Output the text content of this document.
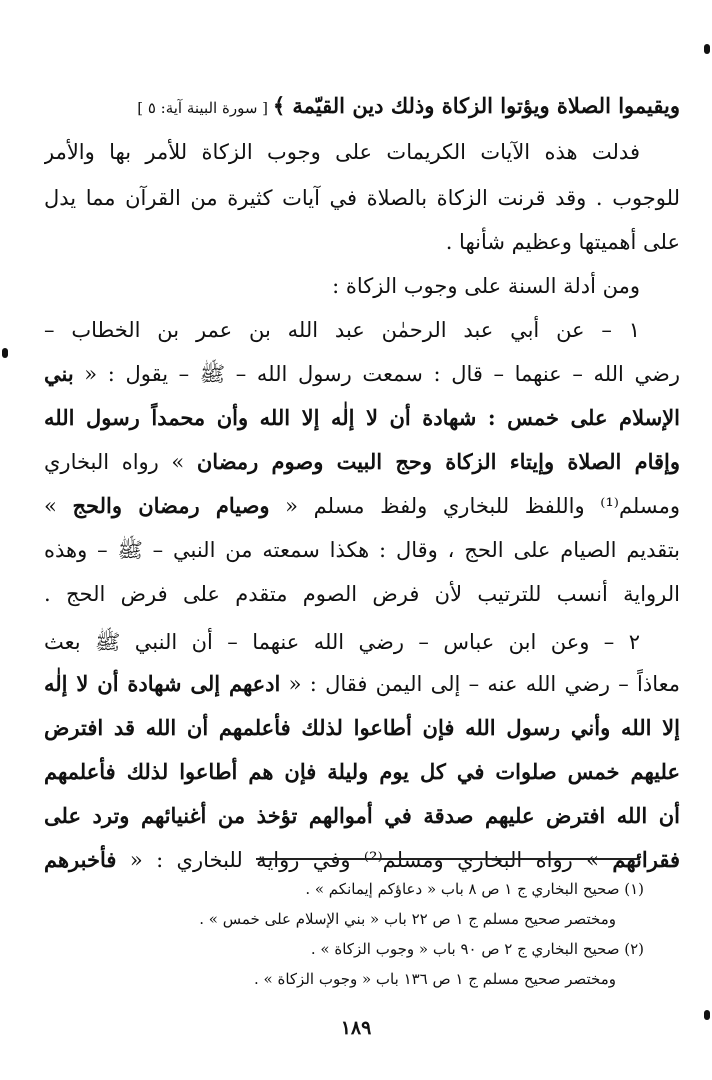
ويقيموا الصلاة ويؤتوا الزكاة وذلك دين القيّمة ﴾ [ سورة البينة آية: ٥ ]
فدلت هذه الآيات الكريمات على وجوب الزكاة للأمر بها والأمر
للوجوب . وقد قرنت الزكاة بالصلاة في آيات كثيرة من القرآن مما يدل
على أهميتها وعظيم شأنها .
ومن أدلة السنة على وجوب الزكاة :
١ – عن أبي عبد الرحمٰن عبد الله بن عمر بن الخطاب –
رضي الله – عنهما – قال : سمعت رسول الله – ﷺ – يقول : « بني
الإسلام على خمس : شهادة أن لا إلٰه إلا الله وأن محمداً رسول الله
وإقام الصلاة وإيتاء الزكاة وحج البيت وصوم رمضان » رواه البخاري
ومسلم⁽¹⁾ واللفظ للبخاري ولفظ مسلم « وصيام رمضان والحج »
بتقديم الصيام على الحج ، وقال : هكذا سمعته من النبي – ﷺ – وهذه
الرواية أنسب للترتيب لأن فرض الصوم متقدم على فرض الحج .
٢ – وعن ابن عباس – رضي الله عنهما – أن النبي ﷺ بعث
معاذاً – رضي الله عنه – إلى اليمن فقال : « ادعهم إلى شهادة أن لا إلٰه
إلا الله وأني رسول الله فإن أطاعوا لذلك فأعلمهم أن الله قد افترض
عليهم خمس صلوات في كل يوم وليلة فإن هم أطاعوا لذلك فأعلمهم
أن الله افترض عليهم صدقة في أموالهم تؤخذ من أغنيائهم وترد على
فقرائهم » رواه البخاري ومسلم⁽²⁾ وفي رواية للبخاري : « فأخبرهم
(١) صحيح البخاري ج ١ ص ٨ باب « دعاؤكم إيمانكم » .
ومختصر صحيح مسلم ج ١ ص ٢٢ باب « بني الإسلام على خمس » .
(٢) صحيح البخاري ج ٢ ص ٩٠ باب « وجوب الزكاة » .
ومختصر صحيح مسلم ج ١ ص ١٣٦ باب « وجوب الزكاة » .
١٨٩
